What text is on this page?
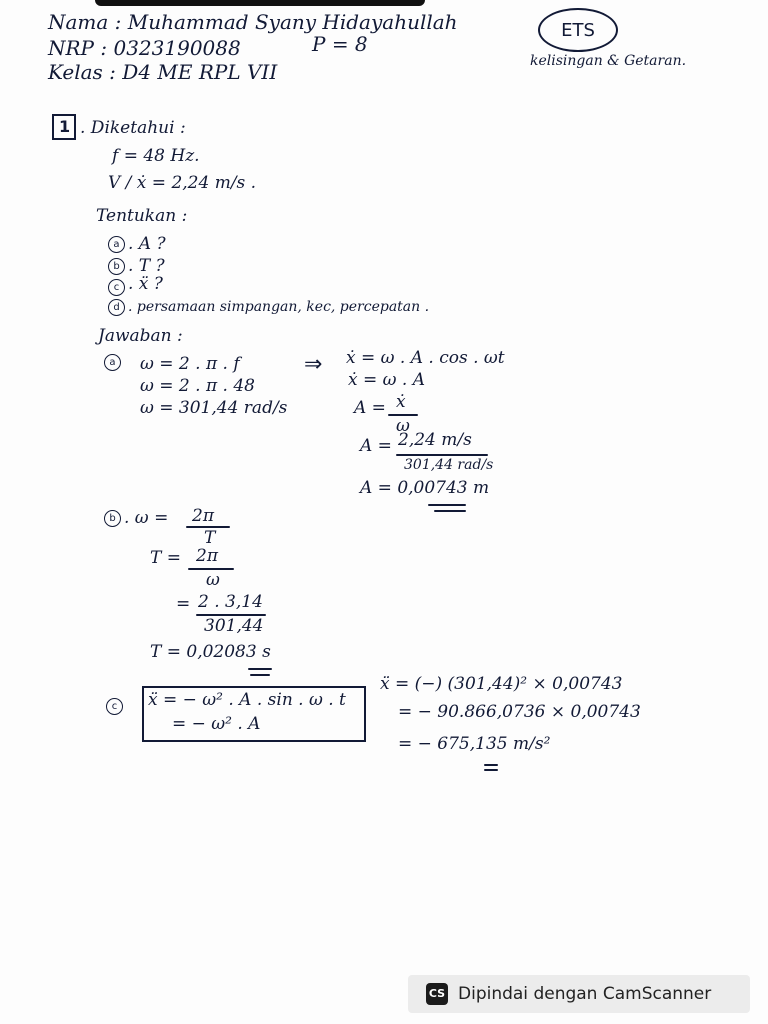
Nama : Muhammad Syany Hidayahullah
NRP : 0323190088	P = 8
Kelas : D4 ME RPL VII
ETS
kelisingan & Getaran.
1 . Diketahui :
f = 48 Hz.
V / ẋ = 2,24 m/s .
Tentukan :
a . A ?
b . T ?
c . ẍ ?
d . persamaan simpangan, kec, percepatan .
Jawaban :
a	ω = 2 . π . f
ω = 2 . π . 48
ω = 301,44 rad/s
⇒ ẋ = ω . A . cos . ωt
ẋ = ω . A
A = ẋ
ω
A = 2,24 m/s
301,44 rad/s
A = 0,00743 m
b . ω = 2π
T
T = 2π
ω
= 2 . 3,14
301,44
T = 0,02083 s
c	ẍ = − ω² . A . sin . ω . t
= − ω² . A
ẍ = (−) (301,44)² × 0,00743
= − 90.866,0736 × 0,00743
= − 675,135 m/s²
CS Dipindai dengan CamScanner
